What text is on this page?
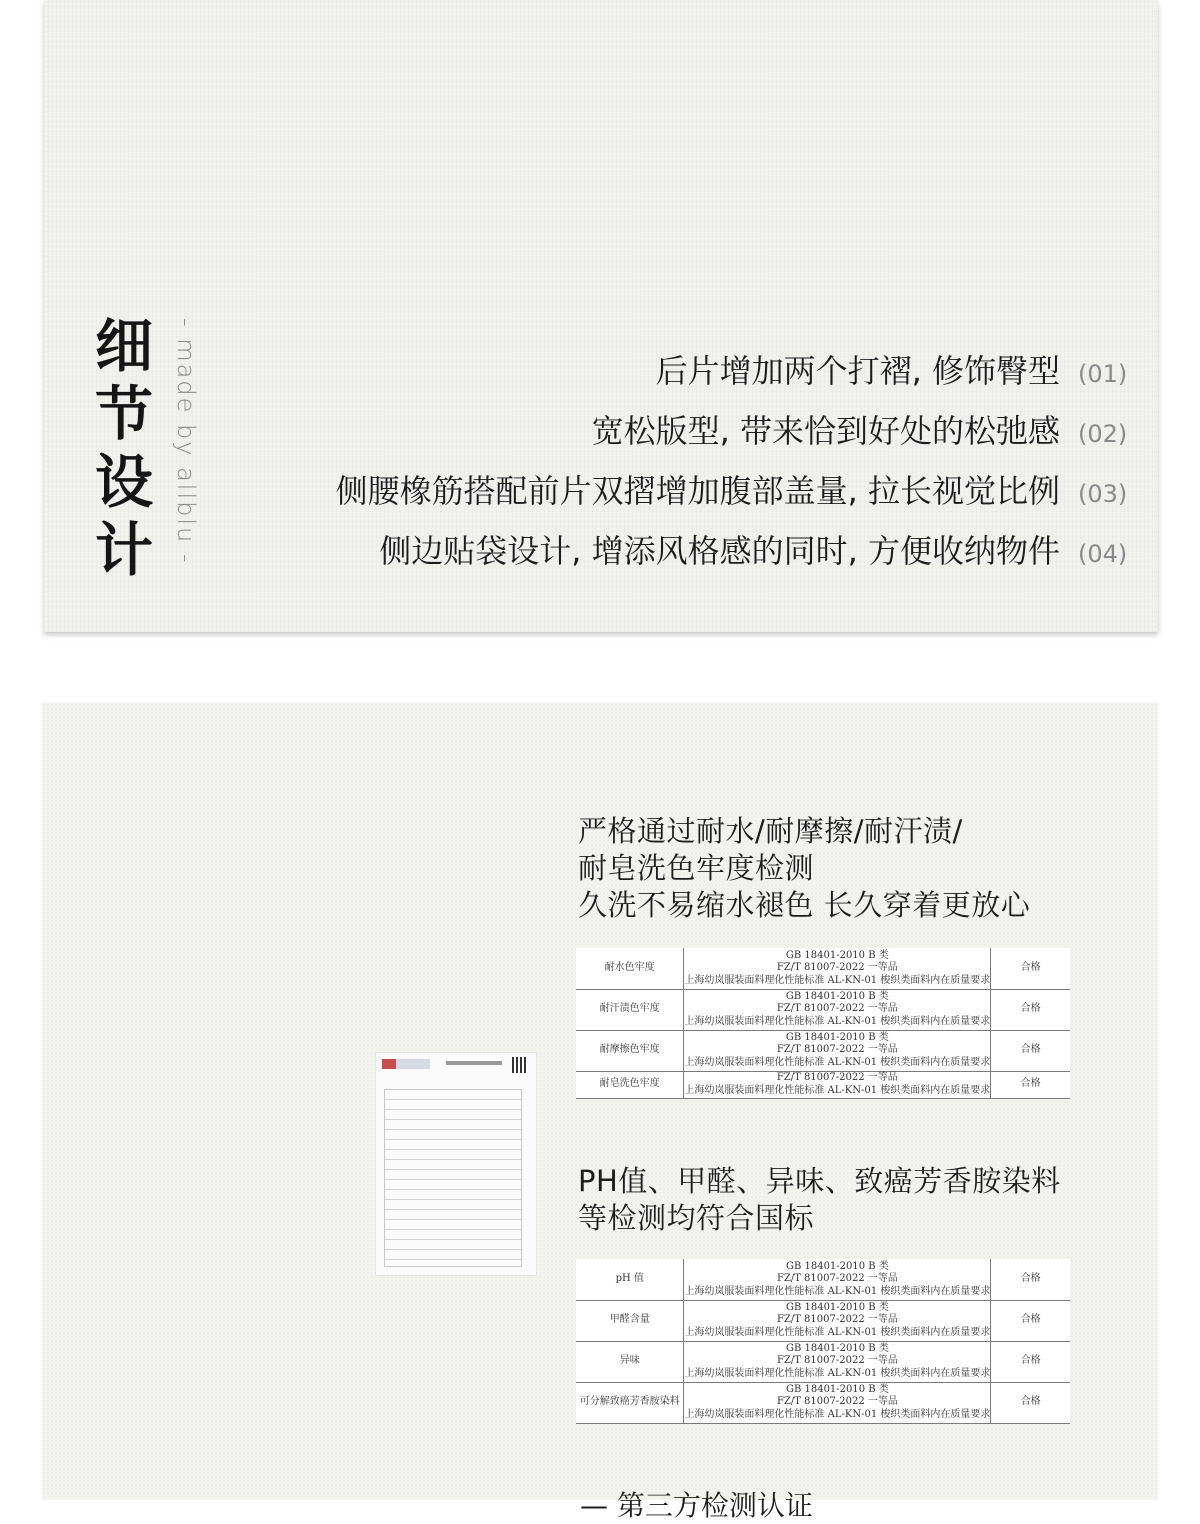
细
节
设
计 - made by allblu -	后片增加两个打褶, 修饰臀型 (01)
宽松版型, 带来恰到好处的松弛感 (02)
侧腰橡筋搭配前片双摺增加腹部盖量, 拉长视觉比例 (03)
侧边贴袋设计, 增添风格感的同时, 方便收纳物件 (04)
严格通过耐水/耐摩擦/耐汗渍/
耐皂洗色牢度检测
久洗不易缩水褪色 长久穿着更放心
耐水色牢度	GB 18401-2010 B 类
FZ/T 81007-2022 一等品
上海幼岚服装面料理化性能标准 AL-KN-01 梭织类面料内在质量要求	合格
耐汗渍色牢度	GB 18401-2010 B 类
FZ/T 81007-2022 一等品
上海幼岚服装面料理化性能标准 AL-KN-01 梭织类面料内在质量要求	合格
耐摩擦色牢度	GB 18401-2010 B 类
FZ/T 81007-2022 一等品
上海幼岚服装面料理化性能标准 AL-KN-01 梭织类面料内在质量要求	合格
耐皂洗色牢度	FZ/T 81007-2022 一等品
上海幼岚服装面料理化性能标准 AL-KN-01 梭织类面料内在质量要求	合格
PH值、甲醛、异味、致癌芳香胺染料
等检测均符合国标
pH 值	GB 18401-2010 B 类
FZ/T 81007-2022 一等品
上海幼岚服装面料理化性能标准 AL-KN-01 梭织类面料内在质量要求	合格
甲醛含量	GB 18401-2010 B 类
FZ/T 81007-2022 一等品
上海幼岚服装面料理化性能标准 AL-KN-01 梭织类面料内在质量要求	合格
异味	GB 18401-2010 B 类
FZ/T 81007-2022 一等品
上海幼岚服装面料理化性能标准 AL-KN-01 梭织类面料内在质量要求	合格
可分解致癌芳香胺染料	GB 18401-2010 B 类
FZ/T 81007-2022 一等品
上海幼岚服装面料理化性能标准 AL-KN-01 梭织类面料内在质量要求	合格
— 第三方检测认证
